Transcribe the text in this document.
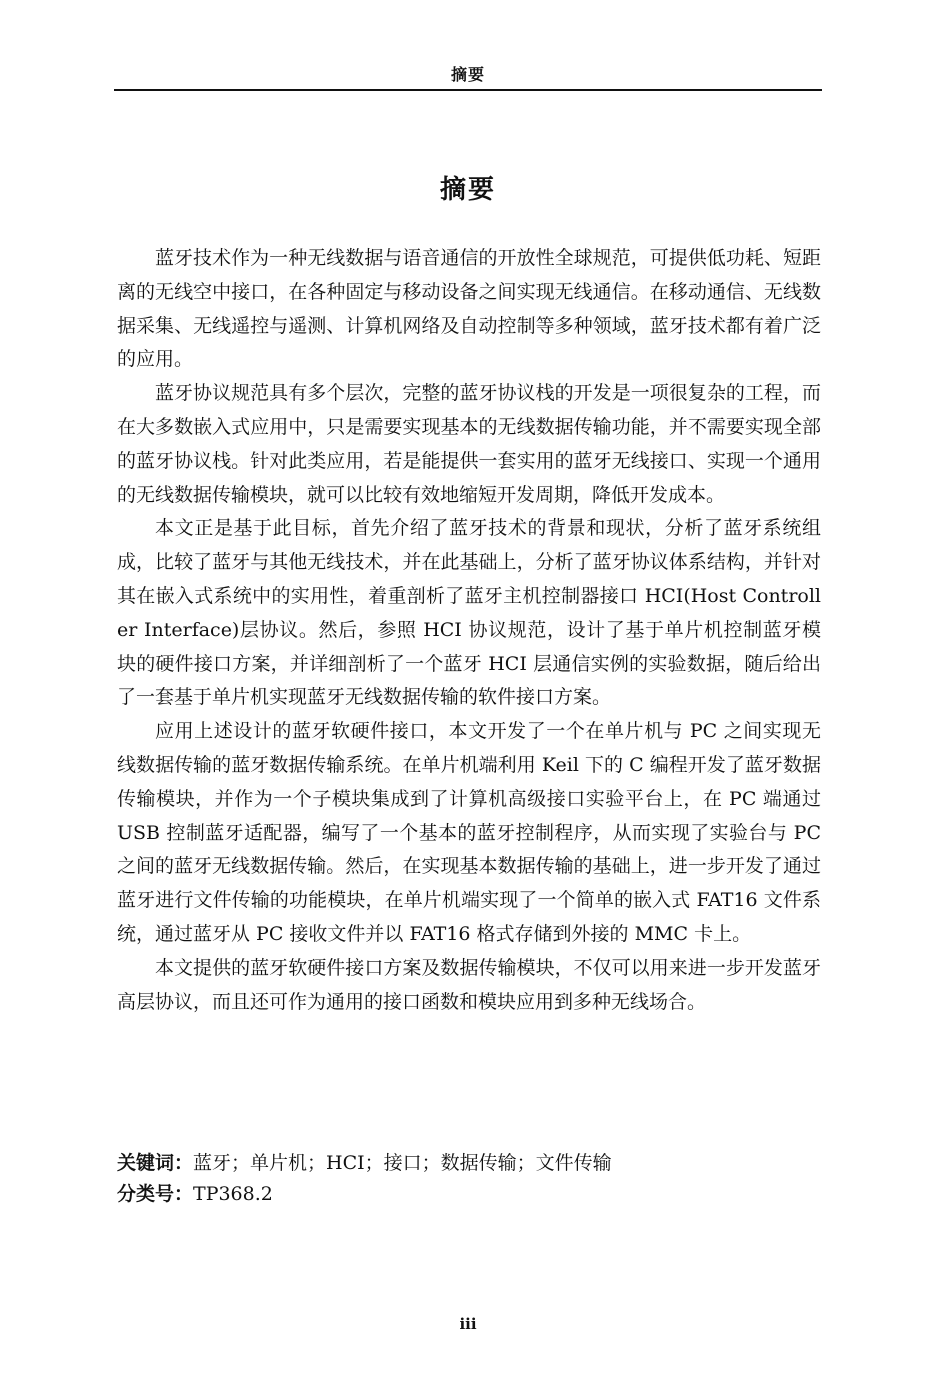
摘要
摘要

蓝牙技术作为一种无线数据与语音通信的开放性全球规范，可提供低功耗、短距离的无线空中接口，在各种固定与移动设备之间实现无线通信。在移动通信、无线数据采集、无线遥控与遥测、计算机网络及自动控制等多种领域，蓝牙技术都有着广泛的应用。

蓝牙协议规范具有多个层次，完整的蓝牙协议栈的开发是一项很复杂的工程，而在大多数嵌入式应用中，只是需要实现基本的无线数据传输功能，并不需要实现全部的蓝牙协议栈。针对此类应用，若是能提供一套实用的蓝牙无线接口、实现一个通用的无线数据传输模块，就可以比较有效地缩短开发周期，降低开发成本。

本文正是基于此目标，首先介绍了蓝牙技术的背景和现状，分析了蓝牙系统组成，比较了蓝牙与其他无线技术，并在此基础上，分析了蓝牙协议体系结构，并针对其在嵌入式系统中的实用性，着重剖析了蓝牙主机控制器接口 HCI(Host Controller Interface)层协议。然后，参照 HCI 协议规范，设计了基于单片机控制蓝牙模块的硬件接口方案，并详细剖析了一个蓝牙 HCI 层通信实例的实验数据，随后给出了一套基于单片机实现蓝牙无线数据传输的软件接口方案。

应用上述设计的蓝牙软硬件接口，本文开发了一个在单片机与 PC 之间实现无线数据传输的蓝牙数据传输系统。在单片机端利用 Keil 下的 C 编程开发了蓝牙数据传输模块，并作为一个子模块集成到了计算机高级接口实验平台上，在 PC 端通过 USB 控制蓝牙适配器，编写了一个基本的蓝牙控制程序，从而实现了实验台与 PC 之间的蓝牙无线数据传输。然后，在实现基本数据传输的基础上，进一步开发了通过蓝牙进行文件传输的功能模块，在单片机端实现了一个简单的嵌入式 FAT16 文件系统，通过蓝牙从 PC 接收文件并以 FAT16 格式存储到外接的 MMC 卡上。

本文提供的蓝牙软硬件接口方案及数据传输模块，不仅可以用来进一步开发蓝牙高层协议，而且还可作为通用的接口函数和模块应用到多种无线场合。

关键词：蓝牙；单片机；HCI；接口；数据传输；文件传输
分类号：TP368.2
iii
